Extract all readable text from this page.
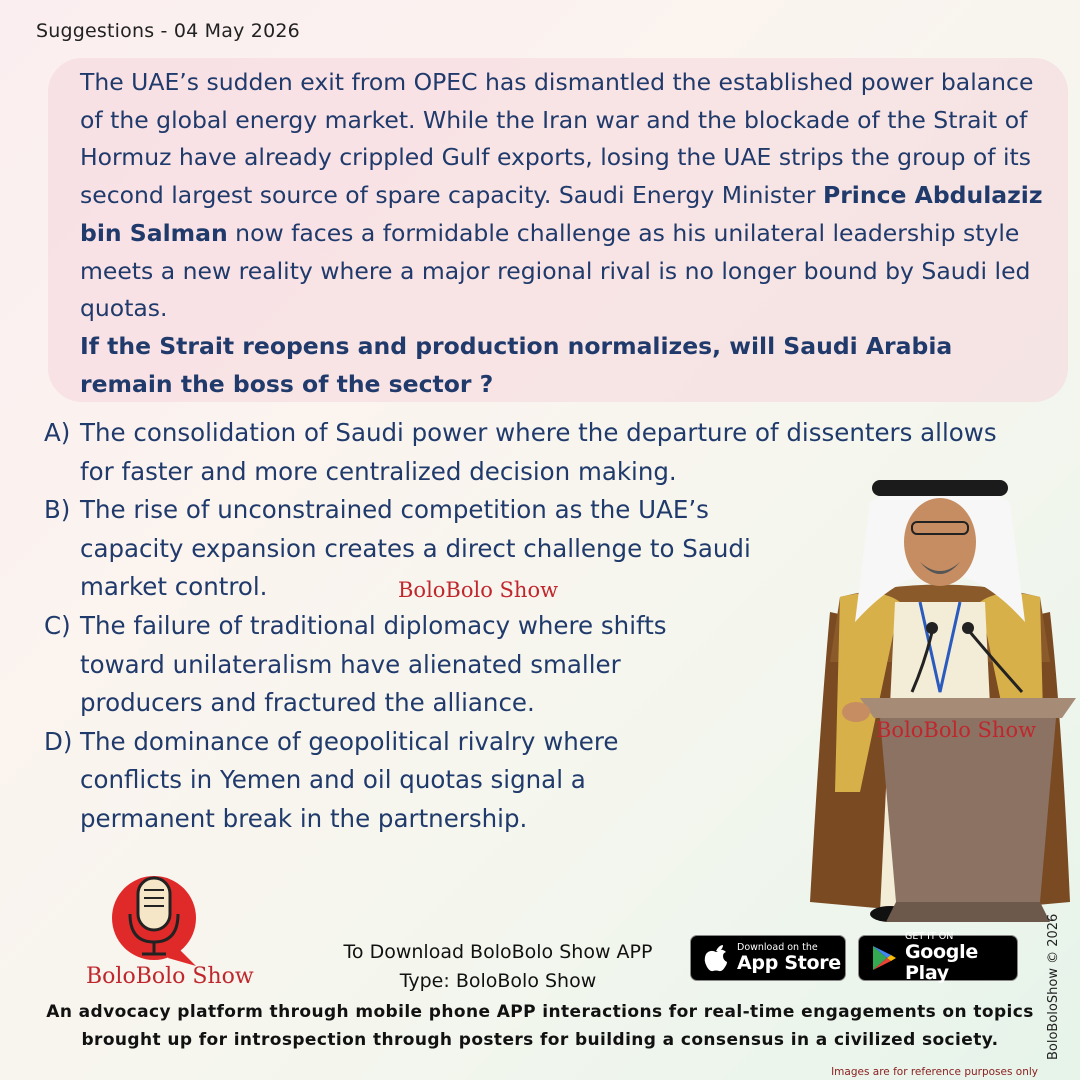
Suggestions - 04 May 2026
The UAE’s sudden exit from OPEC has dismantled the established power balance of the global energy market. While the Iran war and the blockade of the Strait of Hormuz have already crippled Gulf exports, losing the UAE strips the group of its second largest source of spare capacity. Saudi Energy Minister Prince Abdulaziz bin Salman now faces a formidable challenge as his unilateral leadership style meets a new reality where a major regional rival is no longer bound by Saudi led quotas.
If the Strait reopens and production normalizes, will Saudi Arabia remain the boss of the sector ?
A) The consolidation of Saudi power where the departure of dissenters allows for faster and more centralized decision making.
B) The rise of unconstrained competition as the UAE’s capacity expansion creates a direct challenge to Saudi market control.
C) The failure of traditional diplomacy where shifts toward unilateralism have alienated smaller producers and fractured the alliance.
D) The dominance of geopolitical rivalry where conflicts in Yemen and oil quotas signal a permanent break in the partnership.
BoloBolo Show
BoloBolo Show
BoloBolo Show
To Download BoloBolo Show APP
Type: BoloBolo Show
Download on the
App Store
GET IT ON
Google Play
An advocacy platform through mobile phone APP interactions for real-time engagements on topics
brought up for introspection through posters for building a consensus in a civilized society.	BoloBoloShow © 2026
Images are for reference purposes only
